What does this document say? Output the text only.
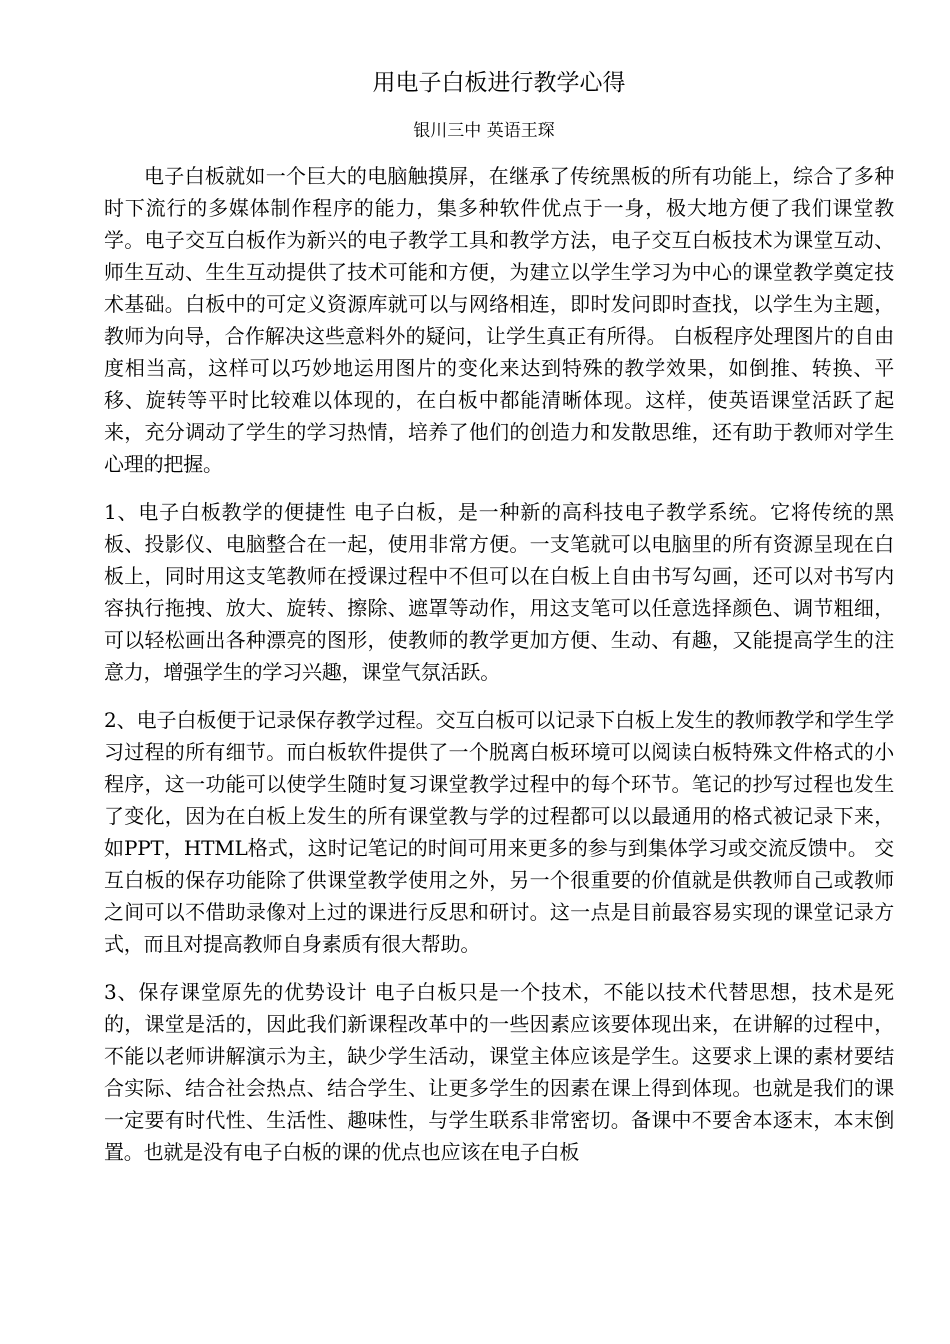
用电子白板进行教学心得
银川三中 英语王琛

电子白板就如一个巨大的电脑触摸屏，在继承了传统黑板的所有功能上，综合了多种时下流行的多媒体制作程序的能力，集多种软件优点于一身，极大地方便了我们课堂教学。电子交互白板作为新兴的电子教学工具和教学方法，电子交互白板技术为课堂互动、师生互动、生生互动提供了技术可能和方便，为建立以学生学习为中心的课堂教学奠定技术基础。白板中的可定义资源库就可以与网络相连，即时发问即时查找，以学生为主题，教师为向导，合作解决这些意料外的疑问，让学生真正有所得。 白板程序处理图片的自由度相当高，这样可以巧妙地运用图片的变化来达到特殊的教学效果，如倒推、转换、平移、旋转等平时比较难以体现的，在白板中都能清晰体现。这样，使英语课堂活跃了起来，充分调动了学生的学习热情，培养了他们的创造力和发散思维，还有助于教师对学生心理的把握。

1、电子白板教学的便捷性 电子白板，是一种新的高科技电子教学系统。它将传统的黑板、投影仪、电脑整合在一起，使用非常方便。一支笔就可以电脑里的所有资源呈现在白板上，同时用这支笔教师在授课过程中不但可以在白板上自由书写勾画，还可以对书写内容执行拖拽、放大、旋转、擦除、遮罩等动作，用这支笔可以任意选择颜色、调节粗细，可以轻松画出各种漂亮的图形，使教师的教学更加方便、生动、有趣，又能提高学生的注意力，增强学生的学习兴趣，课堂气氛活跃。

2、电子白板便于记录保存教学过程。交互白板可以记录下白板上发生的教师教学和学生学习过程的所有细节。而白板软件提供了一个脱离白板环境可以阅读白板特殊文件格式的小程序，这一功能可以使学生随时复习课堂教学过程中的每个环节。笔记的抄写过程也发生了变化，因为在白板上发生的所有课堂教与学的过程都可以以最通用的格式被记录下来，如PPT，HTML格式，这时记笔记的时间可用来更多的参与到集体学习或交流反馈中。 交互白板的保存功能除了供课堂教学使用之外，另一个很重要的价值就是供教师自己或教师之间可以不借助录像对上过的课进行反思和研讨。这一点是目前最容易实现的课堂记录方式，而且对提高教师自身素质有很大帮助。

3、保存课堂原先的优势设计 电子白板只是一个技术，不能以技术代替思想，技术是死的，课堂是活的，因此我们新课程改革中的一些因素应该要体现出来，在讲解的过程中，不能以老师讲解演示为主，缺少学生活动，课堂主体应该是学生。这要求上课的素材要结合实际、结合社会热点、结合学生、让更多学生的因素在课上得到体现。也就是我们的课一定要有时代性、生活性、趣味性，与学生联系非常密切。备课中不要舍本逐末，本末倒置。也就是没有电子白板的课的优点也应该在电子白板
